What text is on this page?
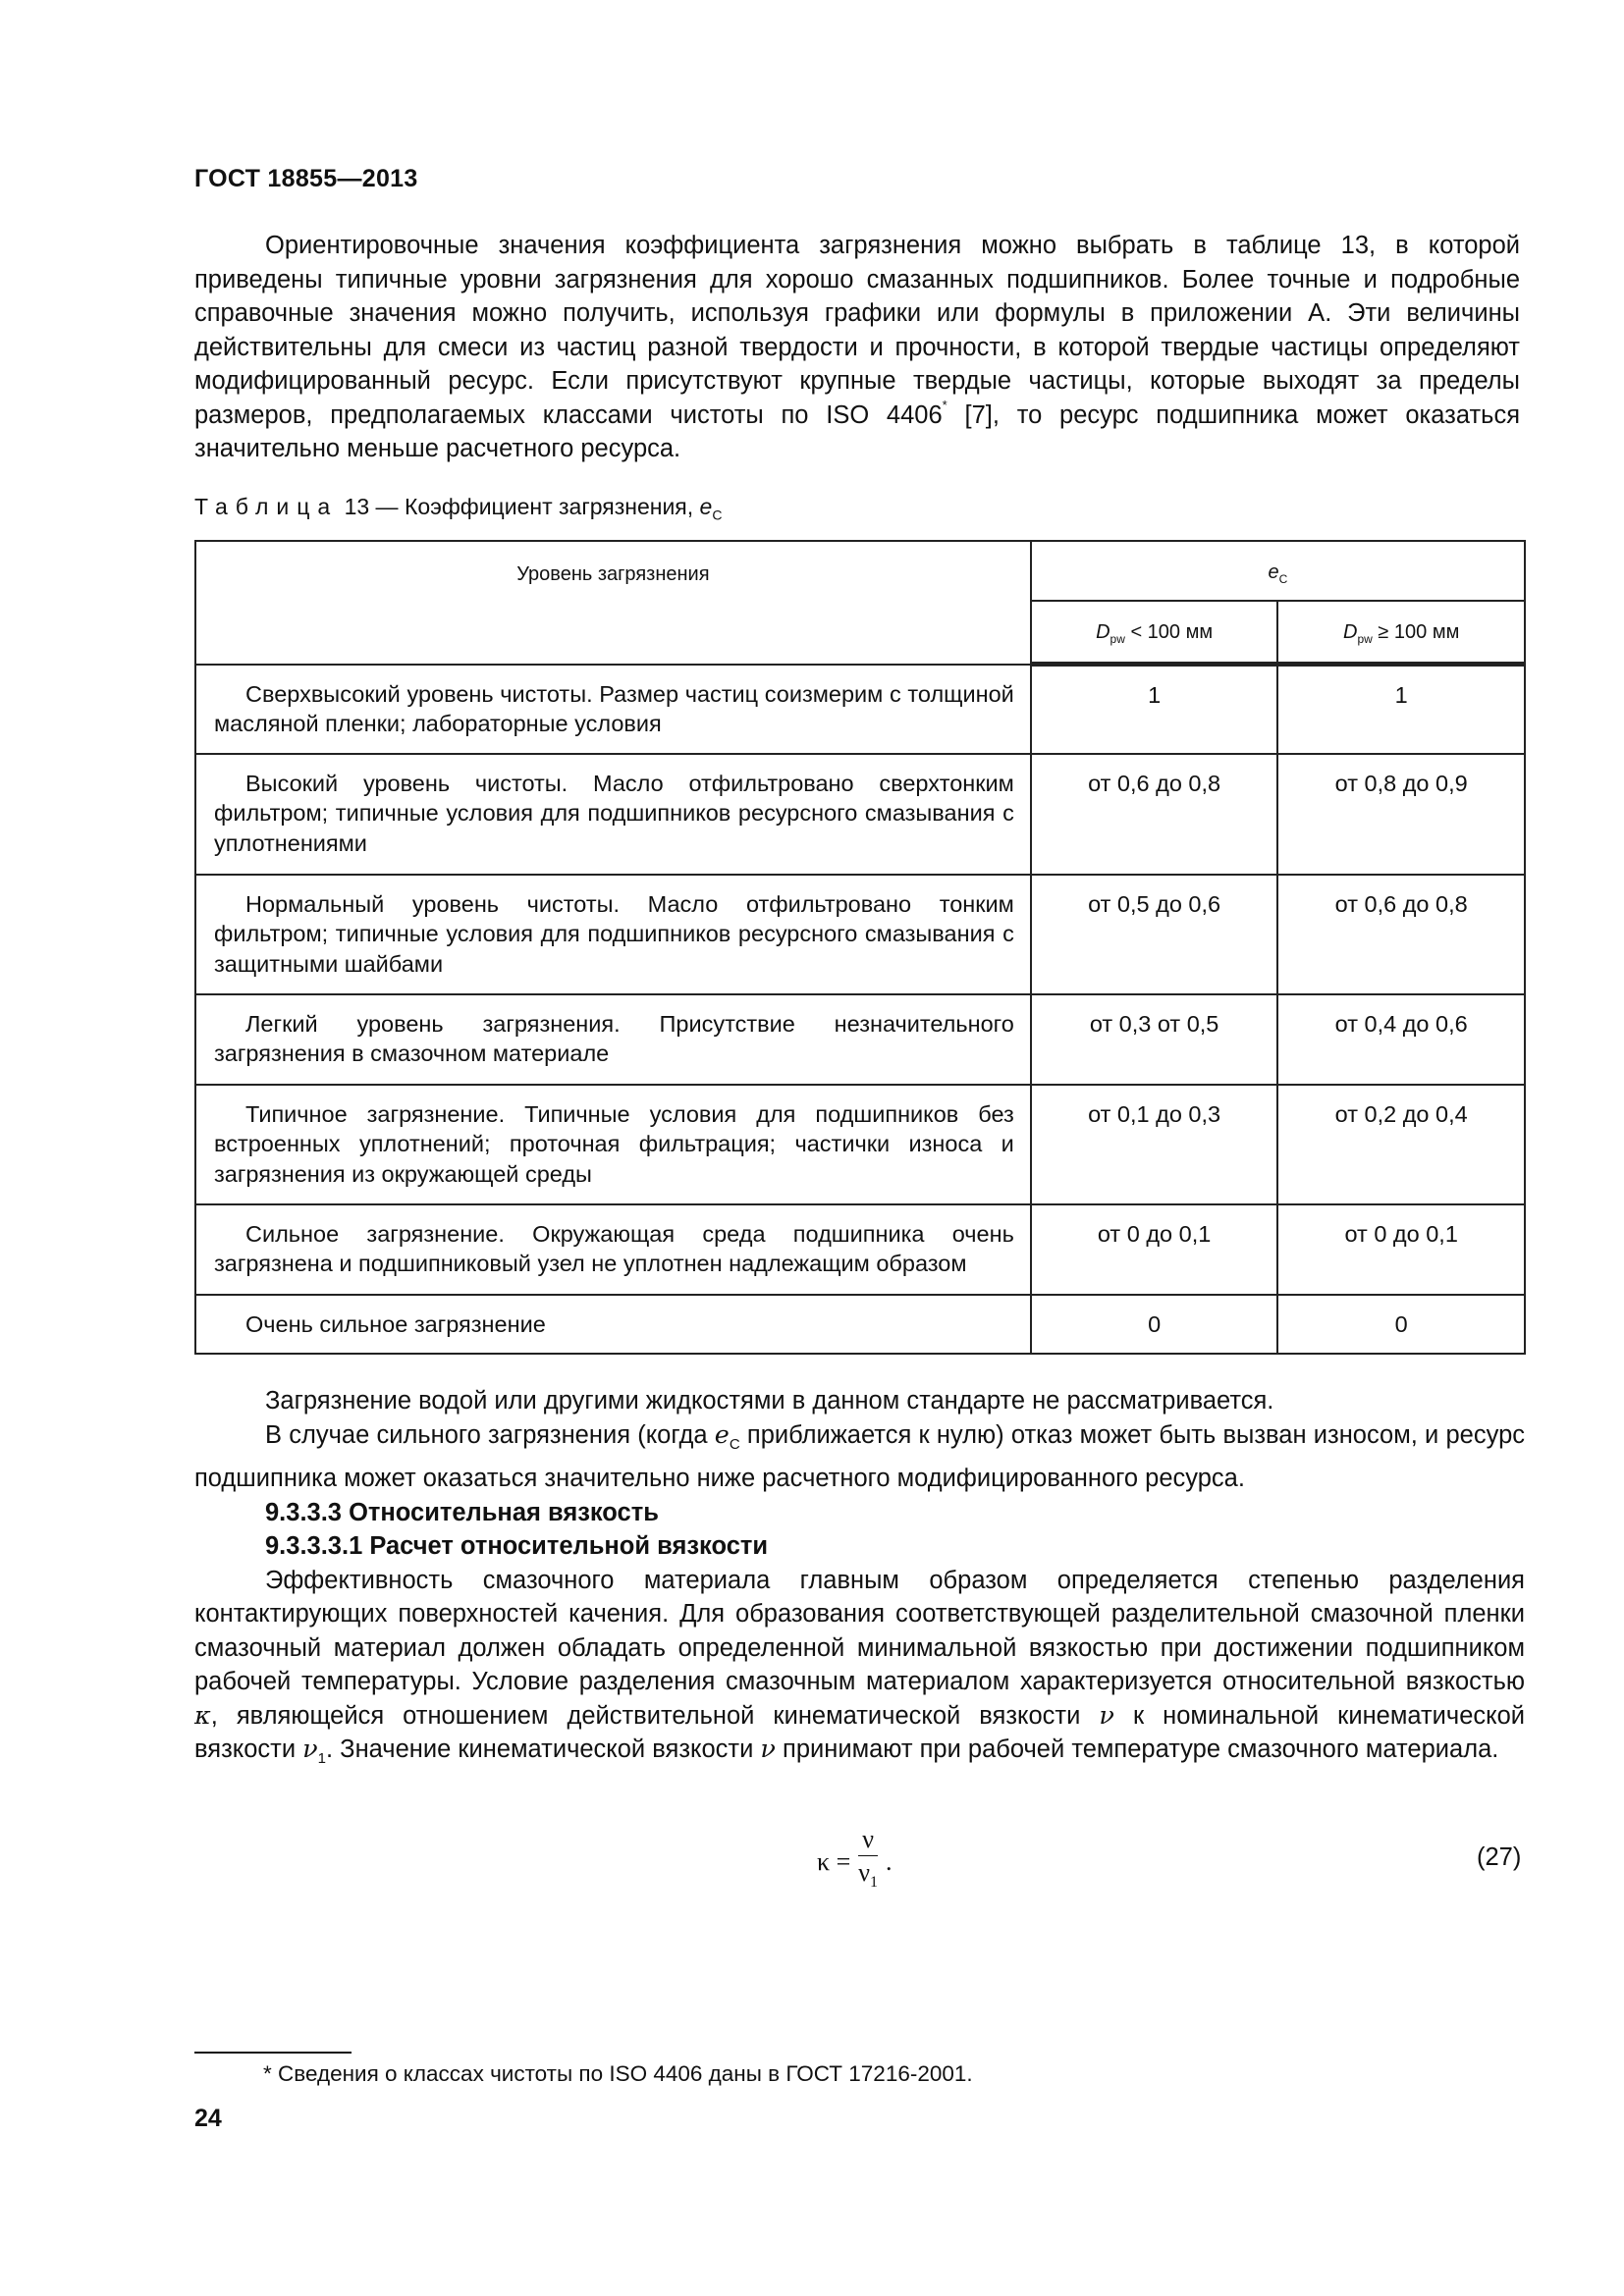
ГОСТ 18855—2013

Ориентировочные значения коэффициента загрязнения можно выбрать в таблице 13, в которой приведены типичные уровни загрязнения для хорошо смазанных подшипников. Более точные и подробные справочные значения можно получить, используя графики или формулы в приложении А. Эти величины действительны для смеси из частиц разной твердости и прочности, в которой твердые частицы определяют модифицированный ресурс. Если присутствуют крупные твердые частицы, которые выходят за пределы размеров, предполагаемых классами чистоты по ISO 4406* [7], то ресурс подшипника может оказаться значительно меньше расчетного ресурса.

Таблица 13 — Коэффициент загрязнения, $e_C$
Уровень загрязнения	$e_C$
	$D_{pw} < 100$ мм	$D_{pw} \ge 100$ мм
Сверхвысокий уровень чистоты. Размер частиц соизмерим с толщиной масляной пленки; лабораторные условия	1	1
Высокий уровень чистоты. Масло отфильтровано сверхтонким фильтром; типичные условия для подшипников ресурсного смазывания с уплотнениями	от 0,6 до 0,8	от 0,8 до 0,9
Нормальный уровень чистоты. Масло отфильтровано тонким фильтром; типичные условия для подшипников ресурсного смазывания с защитными шайбами	от 0,5 до 0,6	от 0,6 до 0,8
Легкий уровень загрязнения. Присутствие незначительного загрязнения в смазочном материале	от 0,3 от 0,5	от 0,4 до 0,6
Типичное загрязнение. Типичные условия для подшипников без встроенных уплотнений; проточная фильтрация; частички износа и загрязнения из окружающей среды	от 0,1 до 0,3	от 0,2 до 0,4
Сильное загрязнение. Окружающая среда подшипника очень загрязнена и подшипниковый узел не уплотнен надлежащим образом	от 0 до 0,1	от 0 до 0,1
Очень сильное загрязнение	0	0

Загрязнение водой или другими жидкостями в данном стандарте не рассматривается.

В случае сильного загрязнения (когда $e_C$ приближается к нулю) отказ может быть вызван износом, и ресурс подшипника может оказаться значительно ниже расчетного модифицированного ресурса.

9.3.3.3 Относительная вязкость

9.3.3.3.1 Расчет относительной вязкости

Эффективность смазочного материала главным образом определяется степенью разделения контактирующих поверхностей качения. Для образования соответствующей разделительной смазочной пленки смазочный материал должен обладать определенной минимальной вязкостью при достижении подшипником рабочей температуры. Условие разделения смазочным материалом характеризуется относительной вязкостью κ, являющейся отношением действительной кинематической вязкости ν к номинальной кинематической вязкости $\nu_1$. Значение кинематической вязкости ν принимают при рабочей температуре смазочного материала.

$\kappa = \frac{\nu}{\nu_1}$ .	(27)
* Сведения о классах чистоты по ISO 4406 даны в ГОСТ 17216-2001.
24
